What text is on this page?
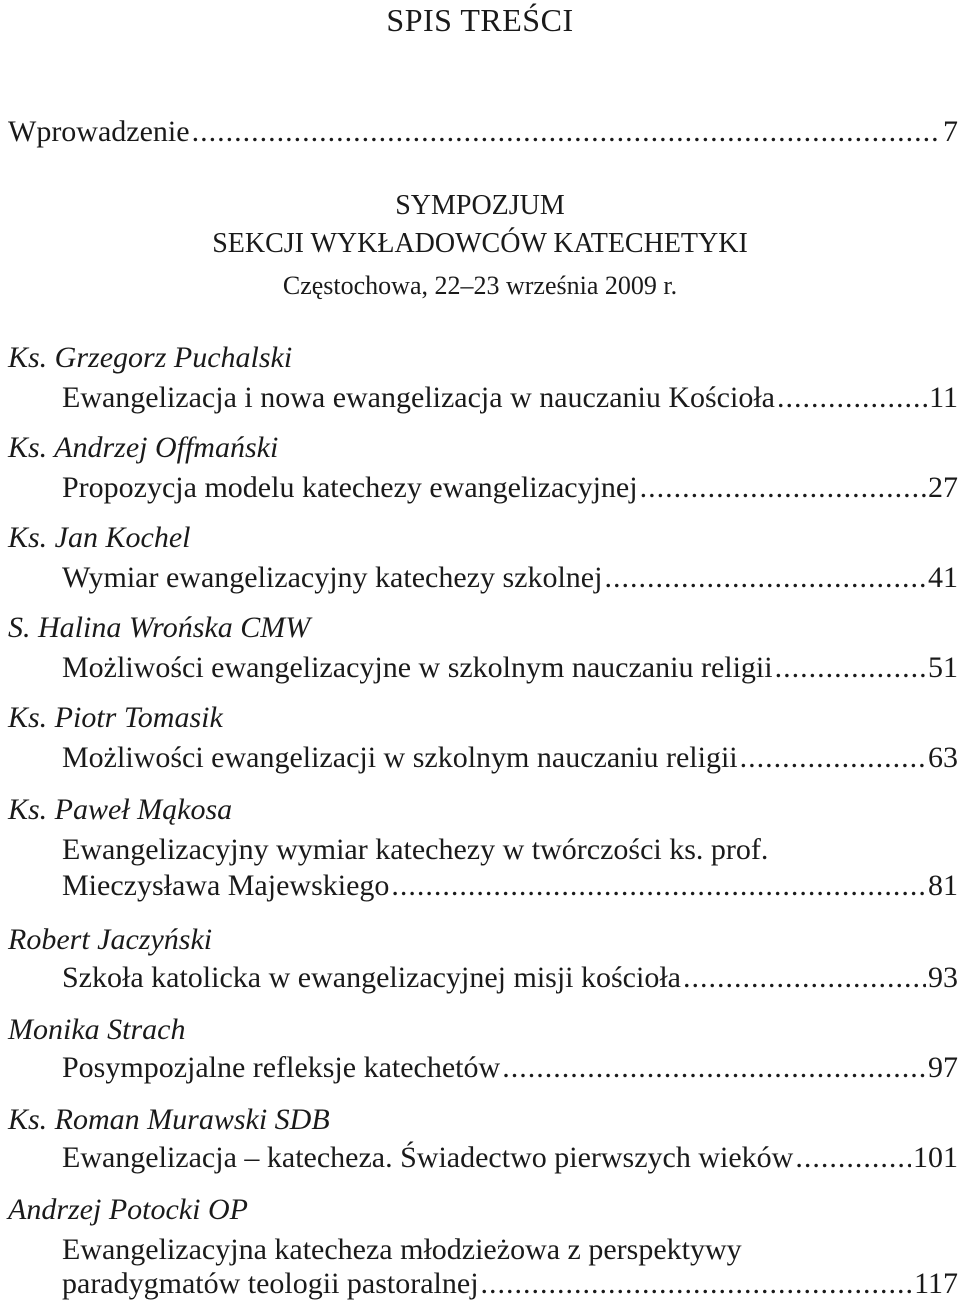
SPIS TREŚCI
Wprowadzenie .....	7
SYMPOZJUM
SEKCJI WYKŁADOWCÓW KATECHETYKI
Częstochowa, 22–23 września 2009 r.
Ks. Grzegorz Puchalski
Ewangelizacja i nowa ewangelizacja w nauczaniu Kościoła .....	11
Ks. Andrzej Offmański
Propozycja modelu katechezy ewangelizacyjnej .....	27
Ks. Jan Kochel
Wymiar ewangelizacyjny katechezy szkolnej .....	41
S. Halina Wrońska CMW
Możliwości ewangelizacyjne w szkolnym nauczaniu religii .....	51
Ks. Piotr Tomasik
Możliwości ewangelizacji w szkolnym nauczaniu religii .....	63
Ks. Paweł Mąkosa
Ewangelizacyjny wymiar katechezy w twórczości ks. prof.
Mieczysława Majewskiego .....	81
Robert Jaczyński
Szkoła katolicka w ewangelizacyjnej misji kościoła .....	93
Monika Strach
Posympozjalne refleksje katechetów .....	97
Ks. Roman Murawski SDB
Ewangelizacja – katecheza. Świadectwo pierwszych wieków .....	101
Andrzej Potocki OP
Ewangelizacyjna katecheza młodzieżowa z perspektywy
paradygmatów teologii pastoralnej .....	117
